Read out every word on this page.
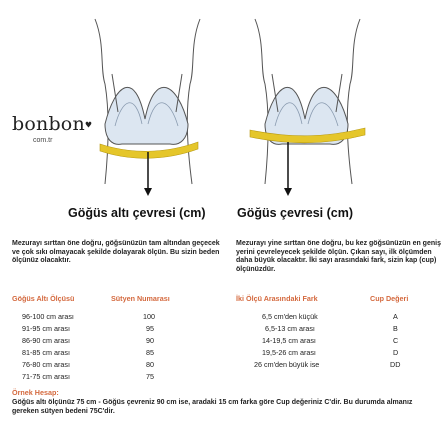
bonbon♥
com.tr
Göğüs altı çevresi (cm)	Göğüs çevresi (cm)
Mezurayı sırttan öne doğru, göğsünüzün tam altından geçecek ve çok sıkı olmayacak şekilde dolayarak ölçün. Bu sizin beden ölçünüz olacaktır.
Mezurayı yine sırttan öne doğru, bu kez göğsünüzün en geniş yerini çevreleyecek şekilde ölçün. Çıkan sayı, ilk ölçümden daha büyük olacaktır. İki sayı arasındaki fark, sizin kap (cup) ölçünüzdür.
Göğüs Altı Ölçüsü	Sütyen Numarası
96-100 cm arası	100
91-95 cm arası	95
86-90 cm arası	90
81-85 cm arası	85
76-80 cm arası	80
71-75 cm arası	75
İki Ölçü Arasındaki Fark	Cup Değeri
6,5 cm'den küçük	A
6,5-13 cm arası	B
14-19,5 cm arası	C
19,5-26 cm arası	D
26 cm'den büyük ise	DD
Örnek Hesap:
Göğüs altı ölçünüz 75 cm - Göğüs çevreniz 90 cm ise, aradaki 15 cm farka göre Cup değeriniz C'dir. Bu durumda almanız gereken sütyen bedeni 75C'dir.
